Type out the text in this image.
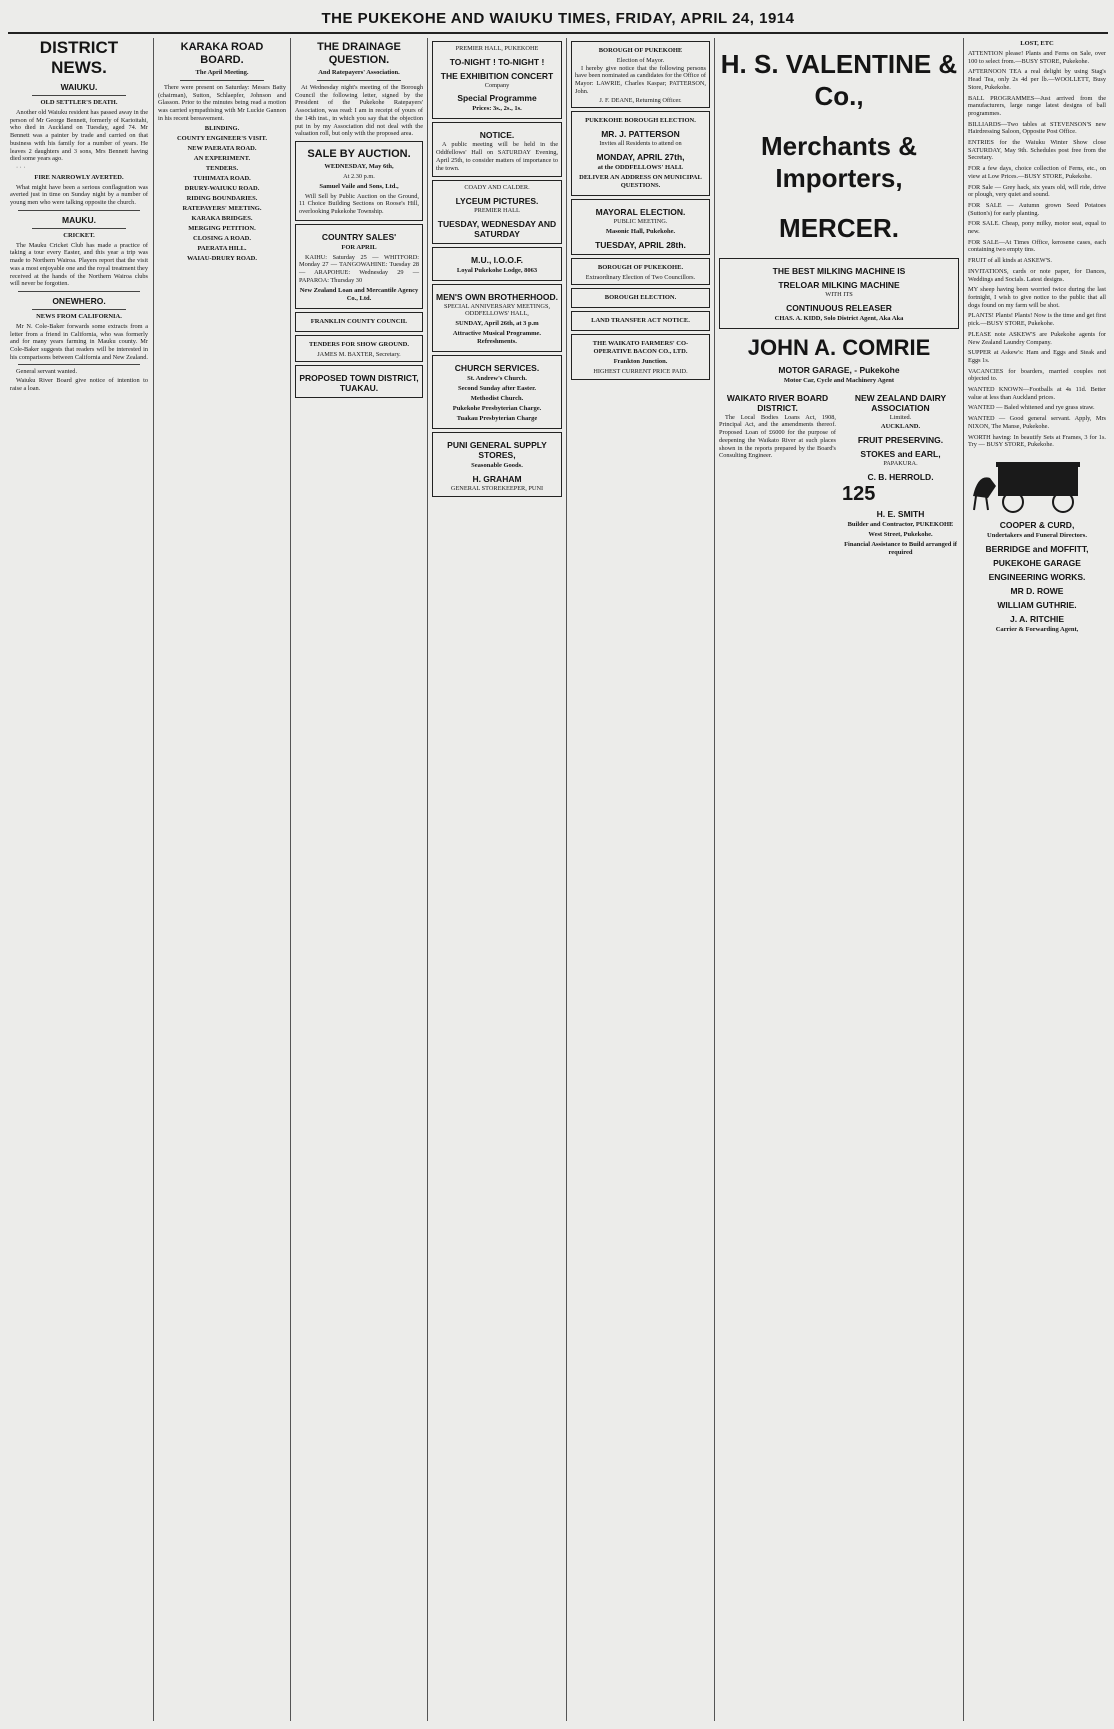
THE PUKEKOHE AND WAIUKU TIMES, FRIDAY, APRIL 24, 1914
DISTRICT NEWS.
WAIUKU.
OLD SETTLER'S DEATH.

Another old Waiuku resident has passed away in the person of Mr George Bennett, formerly of Karioitahi, who died in Auckland on Tuesday, aged 74. Mr Bennett was a painter by trade and carried on that business with his family for a number of years. He leaves 2 daughters and 3 sons, Mrs Bennett having died some years ago.

· · ·

FIRE NARROWLY AVERTED.

What might have been a serious conflagration was averted just in time on Sunday night by a number of young men who were talking opposite the church.

MAUKU.
CRICKET.

The Mauku Cricket Club has made a practice of taking a tour every Easter, and this year a trip was made to Northern Wairoa. Players report that the visit was a most enjoyable one and the royal treatment they received at the hands of the Northern Wairoa clubs will never be forgotten.

ONEWHERO.
NEWS FROM CALIFORNIA.

Mr N. Cole-Baker forwards some extracts from a letter from a friend in California, who was formerly and for many years farming in Mauku county. Mr Cole-Baker suggests that readers will be interested in his comparisons between California and New Zealand.

General servant wanted.

Waiuku River Board give notice of intention to raise a loan.

KARAKA ROAD BOARD.
The April Meeting.

There were present on Saturday: Messrs Batty (chairman), Sutton, Schlaepfer, Johnson and Glasson. Prior to the minutes being read a motion was carried sympathising with Mr Luckie Gannon in his recent bereavement.

BLINDING.
COUNTY ENGINEER'S VISIT.
NEW PAERATA ROAD.
AN EXPERIMENT.
TENDERS.
TUHIMATA ROAD.
DRURY-WAIUKU ROAD.
RIDING BOUNDARIES.
RATEPAYERS' MEETING.
KARAKA BRIDGES.
MERGING PETITION.
CLOSING A ROAD.
PAERATA HILL.
WAIAU-DRURY ROAD.
THE DRAINAGE QUESTION.
And Ratepayers' Association.

At Wednesday night's meeting of the Borough Council the following letter, signed by the President of the Pukekohe Ratepayers' Association, was read: I am in receipt of yours of the 14th inst., in which you say that the objection put in by my Association did not deal with the valuation roll, but only with the proposed area.

SALE BY AUCTION.
WEDNESDAY, May 6th,
At 2.30 p.m.
Samuel Vaile and Sons, Ltd.,

Will Sell by Public Auction on the Ground, 11 Choice Building Sections on Roose's Hill, overlooking Pukekohe Township.

COUNTRY SALES'
FOR APRIL

KAIHU: Saturday 25 — WHITFORD: Monday 27 — TANGOWAHINE: Tuesday 28 — ARAPOHUE: Wednesday 29 — PAPAROA: Thursday 30

New Zealand Loan and Mercantile Agency Co., Ltd.
FRANKLIN COUNTY COUNCIL
TENDERS FOR SHOW GROUND.
JAMES M. BAXTER, Secretary.
PROPOSED TOWN DISTRICT, TUAKAU.
PREMIER HALL, PUKEKOHE
TO-NIGHT ! TO-NIGHT !
THE EXHIBITION CONCERT
Company
Special Programme
Prices: 3s., 2s., 1s.
NOTICE.

A public meeting will be held in the Oddfellows' Hall on SATURDAY Evening, April 25th, to consider matters of importance to the town.

COADY AND CALDER.
LYCEUM PICTURES.
PREMIER HALL
TUESDAY, WEDNESDAY AND SATURDAY
M.U., I.O.O.F.
Loyal Pukekohe Lodge, 8063
MEN'S OWN BROTHERHOOD.
SPECIAL ANNIVERSARY MEETINGS, ODDFELLOWS' HALL,
SUNDAY, April 26th, at 3 p.m
Attractive Musical Programme. Refreshments.
CHURCH SERVICES.
St. Andrew's Church.
Second Sunday after Easter.
Methodist Church.
Pukekohe Presbyterian Charge.
Tuakau Presbyterian Charge
PUNI GENERAL SUPPLY STORES,
Seasonable Goods.
H. GRAHAM
GENERAL STOREKEEPER, PUNI
BOROUGH OF PUKEKOHE
Election of Mayor.

I hereby give notice that the following persons have been nominated as candidates for the Office of Mayor: LAWRIE, Charles Kaspar; PATTERSON, John.

J. F. DEANE, Returning Officer.
PUKEKOHE BOROUGH ELECTION.
MR. J. PATTERSON
Invites all Residents to attend on
MONDAY, APRIL 27th,
at the ODDFELLOWS' HALL
DELIVER AN ADDRESS ON MUNICIPAL QUESTIONS.
MAYORAL ELECTION.
PUBLIC MEETING.
Masonic Hall, Pukekohe.
TUESDAY, APRIL 28th.
BOROUGH OF PUKEKOHE.
Extraordinary Election of Two Councillors.
BOROUGH ELECTION.
LAND TRANSFER ACT NOTICE.
THE WAIKATO FARMERS' CO-OPERATIVE BACON CO., LTD.
Frankton Junction.
HIGHEST CURRENT PRICE PAID.
H. S. VALENTINE & Co.,
Merchants & Importers,
MERCER.
THE BEST MILKING MACHINE IS
TRELOAR MILKING MACHINE
WITH ITS
CONTINUOUS RELEASER
CHAS. A. KIDD, Solo District Agent, Aka Aka
JOHN A. COMRIE
MOTOR GARAGE, - Pukekohe
Motor Car, Cycle and Machinery Agent
WAIKATO RIVER BOARD DISTRICT.

The Local Bodies Loans Act, 1908, Principal Act, and the amendments thereof. Proposed Loan of £6000 for the purpose of deepening the Waikato River at such places shown in the reports prepared by the Board's Consulting Engineer.

NEW ZEALAND DAIRY ASSOCIATION
Limited.
AUCKLAND.
FRUIT PRESERVING.
STOKES and EARL,
PAPAKURA.
C. B. HERROLD.
125
H. E. SMITH
Builder and Contractor, PUKEKOHE
West Street, Pukekohe.
Financial Assistance to Build arranged if required
LOST, ETC

ATTENTION please! Plants and Ferns on Sale, over 100 to select from.—BUSY STORE, Pukekohe.

AFTERNOON TEA a real delight by using Stag's Head Tea, only 2s 4d per lb.—WOOLLETT, Busy Store, Pukekohe.

BALL PROGRAMMES—Just arrived from the manufacturers, large range latest designs of ball programmes.

BILLIARDS—Two tables at STEVENSON'S new Hairdressing Saloon, Opposite Post Office.

ENTRIES for the Waiuku Winter Show close SATURDAY, May 9th. Schedules post free from the Secretary.

FOR a few days, choice collection of Ferns, etc., on view at Low Prices.—BUSY STORE, Pukekohe.

FOR Sale — Grey hack, six years old, will ride, drive or plough, very quiet and sound.

FOR SALE — Autumn grown Seed Potatoes (Sutton's) for early planting.

FOR SALE. Cheap, pony milky, motor seat, equal to new.

FOR SALE—At Times Office, kerosene cases, each containing two empty tins.

FRUIT of all kinds at ASKEW'S.

INVITATIONS, cards or note paper, for Dances, Weddings and Socials. Latest designs.

MY sheep having been worried twice during the last fortnight, I wish to give notice to the public that all dogs found on my farm will be shot.

PLANTS! Plants! Plants! Now is the time and get first pick.—BUSY STORE, Pukekohe.

PLEASE note ASKEW'S are Pukekohe agents for New Zealand Laundry Company.

SUPPER at Askew's: Ham and Eggs and Steak and Eggs 1s.

VACANCIES for boarders, married couples not objected to.

WANTED KNOWN—Footballs at 4s 11d. Better value at less than Auckland prices.

WANTED — Baled whitened and rye grass straw.

WANTED — Good general servant. Apply, Mrs NIXON, The Manse, Pukekohe.

WORTH having: In beautify Sets at Frames, 3 for 1s. Try — BUSY STORE, Pukekohe.

COOPER & CURD,
Undertakers and Funeral Directors.
BERRIDGE and MOFFITT,
PUKEKOHE GARAGE
ENGINEERING WORKS.
MR D. ROWE
WILLIAM GUTHRIE.
J. A. RITCHIE
Carrier & Forwarding Agent,
